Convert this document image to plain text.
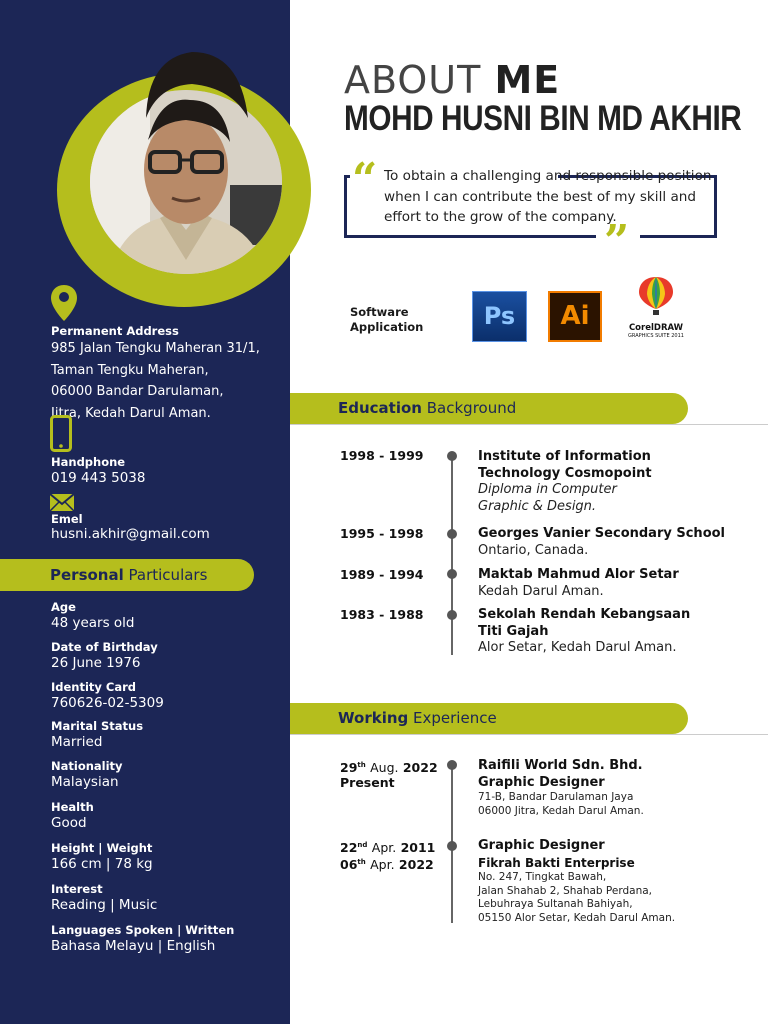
Permanent Address
985 Jalan Tengku Maheran 31/1,
Taman Tengku Maheran,
06000 Bandar Darulaman,
Jitra, Kedah Darul Aman.
Handphone
019 443 5038
Emel
husni.akhir@gmail.com
Personal Particulars
Age
48 years old
Date of Birthday
26 June 1976
Identity Card
760626-02-5309
Marital Status
Married
Nationality
Malaysian
Health
Good
Height | Weight
166 cm | 78 kg
Interest
Reading | Music
Languages Spoken | Written
Bahasa Melayu | English
ABOUT ME
MOHD HUSNI BIN MD AKHIR
“
”
To obtain a challenging and responsible position when I can contribute the best of my skill and effort to the grow of the company.
Software
Application	Ps	Ai	CorelDRAW
GRAPHICS SUITE 2011
Education Background
1998 - 1999	Institute of Information
Technology Cosmopoint
Diploma in Computer
Graphic & Design.
1995 - 1998	Georges Vanier Secondary School
Ontario, Canada.
1989 - 1994	Maktab Mahmud Alor Setar
Kedah Darul Aman.
1983 - 1988	Sekolah Rendah Kebangsaan
Titi Gajah
Alor Setar, Kedah Darul Aman.
Working Experience
29th Aug. 2022
Present
Raifili World Sdn. Bhd.
Graphic Designer
71-B, Bandar Darulaman Jaya
06000 Jitra, Kedah Darul Aman.
22nd Apr. 2011
06th Apr. 2022
Graphic Designer
Fikrah Bakti Enterprise
No. 247, Tingkat Bawah,
Jalan Shahab 2, Shahab Perdana,
Lebuhraya Sultanah Bahiyah,
05150 Alor Setar, Kedah Darul Aman.
